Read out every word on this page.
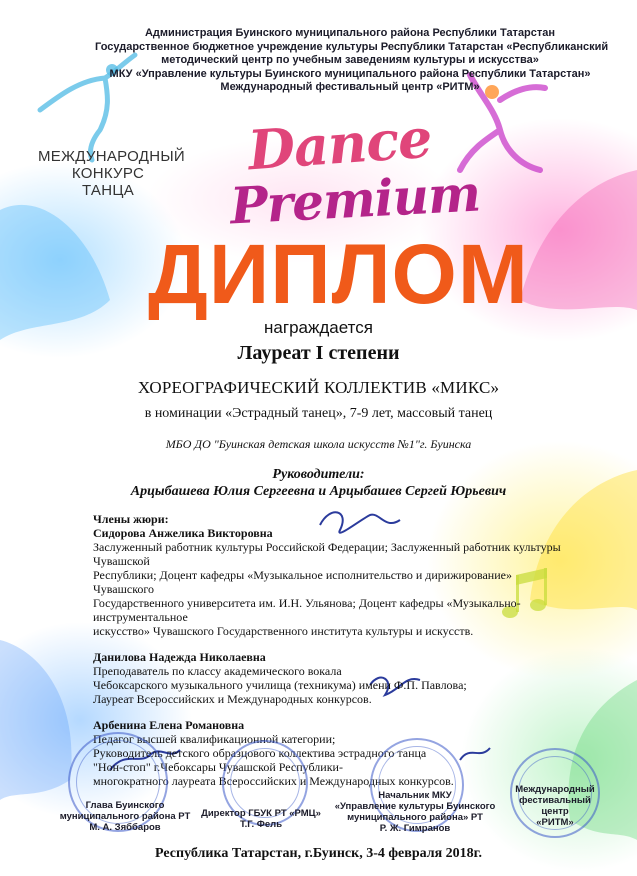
Администрация Буинского муниципального района Республики Татарстан
Государственное бюджетное учреждение культуры Республики Татарстан «Республиканский
методический центр по учебным заведениям культуры и искусства»
МКУ «Управление культуры Буинского муниципального района Республики Татарстан»
Международный фестивальный центр «РИТМ»
МЕЖДУНАРОДНЫЙ
КОНКУРС
ТАНЦА
Dance
Premium
ДИПЛОМ
награждается
Лауреат I степени
ХОРЕОГРАФИЧЕСКИЙ КОЛЛЕКТИВ «МИКС»
в номинации «Эстрадный танец», 7-9 лет, массовый танец
МБО ДО "Буинская детская школа искусств №1"г. Буинска
Руководители:
Арцыбашева Юлия Сергеевна и Арцыбашев Сергей Юрьевич
Члены жюри:
Сидорова Анжелика Викторовна
Заслуженный работник культуры Российской Федерации; Заслуженный работник культуры Чувашской
Республики; Доцент кафедры «Музыкальное исполнительство и дирижирование» Чувашского
Государственного университета им. И.Н. Ульянова; Доцент кафедры «Музыкально-инструментальное
искусство» Чувашского Государственного института культуры и искусств.
Данилова Надежда Николаевна
Преподаватель по классу академического вокала
Чебоксарского музыкального училища (техникума) имени Ф.П. Павлова;
Лауреат Всероссийских и Международных конкурсов.
Арбенина Елена Романовна
Педагог высшей квалификационной категории;
Руководитель детского образцового коллектива эстрадного танца
"Нон-стоп" г.Чебоксары Чувашской Республики-
многократного лауреата Всероссийских и Международных конкурсов.
Глава Буинского
муниципального района РТ
М. А. Зяббаров
Директор ГБУК РТ «РМЦ»
Т.Г. Фель
Начальник МКУ
«Управление культуры Буинского
муниципального района» РТ
Р. Ж. Гимранов
Международный
фестивальный центр
«РИТМ»
Республика Татарстан, г.Буинск, 3-4 февраля 2018г.
